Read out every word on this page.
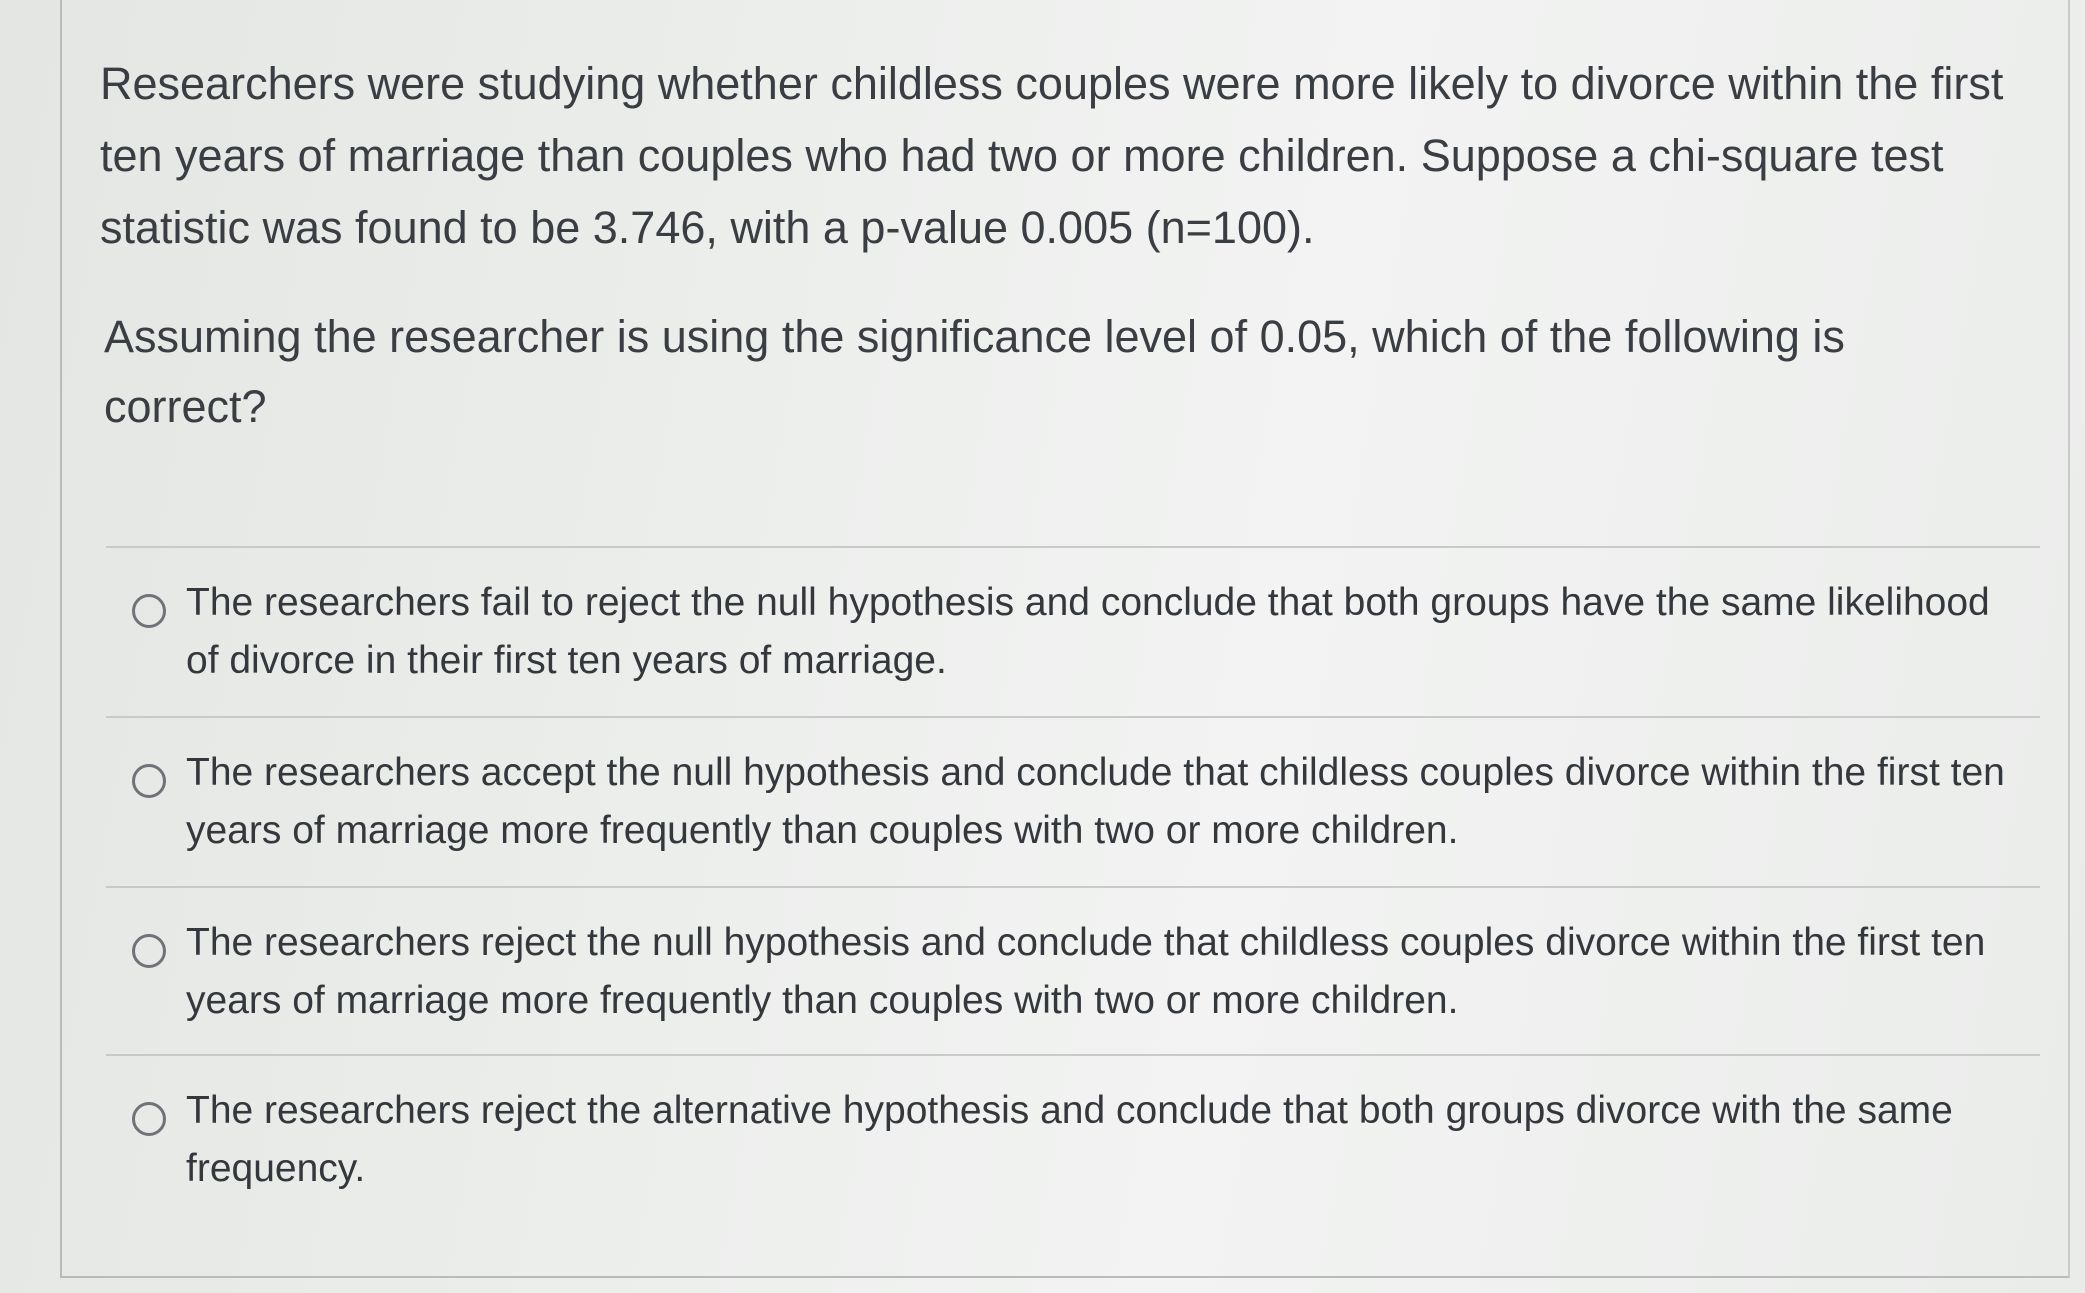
Researchers were studying whether childless couples were more likely to divorce within the first ten years of marriage than couples who had two or more children. Suppose a chi-square test statistic was found to be 3.746, with a p-value 0.005 (n=100).

Assuming the researcher is using the significance level of 0.05, which of the following is correct?

The researchers fail to reject the null hypothesis and conclude that both groups have the same likelihood of divorce in their first ten years of marriage.

The researchers accept the null hypothesis and conclude that childless couples divorce within the first ten years of marriage more frequently than couples with two or more children.

The researchers reject the null hypothesis and conclude that childless couples divorce within the first ten years of marriage more frequently than couples with two or more children.

The researchers reject the alternative hypothesis and conclude that both groups divorce with the same frequency.
